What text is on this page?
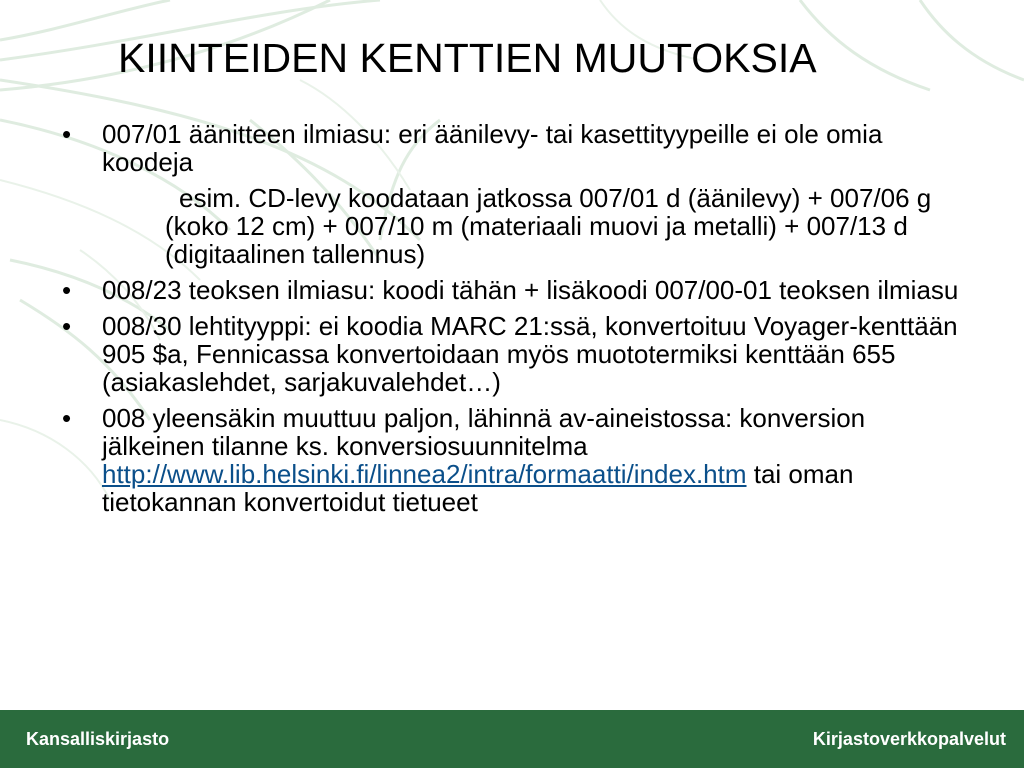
KIINTEIDEN KENTTIEN MUUTOKSIA
•	007/01 äänitteen ilmiasu: eri äänilevy- tai kasettityypeille ei ole omia koodeja
esim. CD-levy koodataan jatkossa 007/01 d (äänilevy) + 007/06 g (koko 12 cm) + 007/10 m (materiaali muovi ja metalli) + 007/13 d (digitaalinen tallennus)
•	008/23 teoksen ilmiasu: koodi tähän + lisäkoodi 007/00-01 teoksen ilmiasu
•	008/30 lehtityyppi: ei koodia MARC 21:ssä, konvertoituu Voyager-kenttään 905 $a, Fennicassa konvertoidaan myös muototermiksi kenttään 655 (asiakaslehdet, sarjakuvalehdet…)
•	008 yleensäkin muuttuu paljon, lähinnä av-aineistossa: konversion jälkeinen tilanne ks. konversiosuunnitelma http://www.lib.helsinki.fi/linnea2/intra/formaatti/index.htm tai oman tietokannan konvertoidut tietueet
Kansalliskirjasto	Kirjastoverkkopalvelut
